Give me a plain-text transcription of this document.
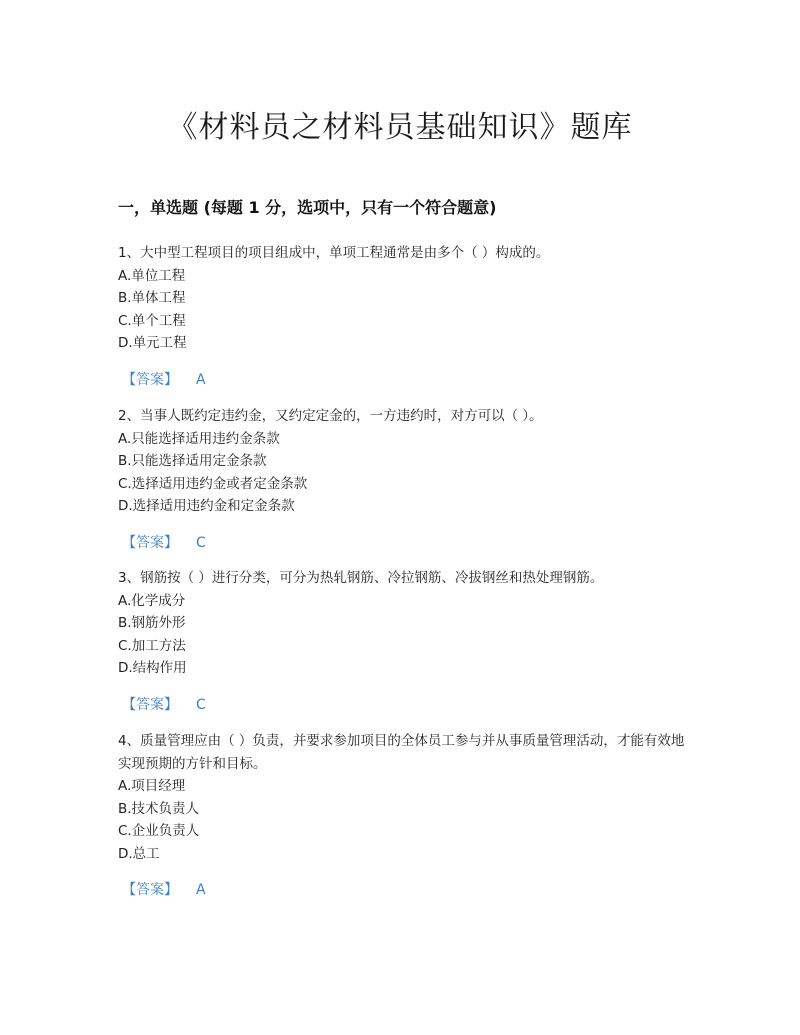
《材料员之材料员基础知识》题库
一，单选题 (每题 1 分，选项中，只有一个符合题意)
1、大中型工程项目的项目组成中，单项工程通常是由多个（ ）构成的。
A.单位工程
B.单体工程
C.单个工程
D.单元工程
【答案】 A
2、当事人既约定违约金，又约定定金的，一方违约时，对方可以（ ）。
A.只能选择适用违约金条款
B.只能选择适用定金条款
C.选择适用违约金或者定金条款
D.选择适用违约金和定金条款
【答案】 C
3、钢筋按（ ）进行分类，可分为热轧钢筋、冷拉钢筋、冷拔钢丝和热处理钢筋。
A.化学成分
B.钢筋外形
C.加工方法
D.结构作用
【答案】 C
4、质量管理应由（ ）负责，并要求参加项目的全体员工参与并从事质量管理活动，才能有效地实现预期的方针和目标。
A.项目经理
B.技术负责人
C.企业负责人
D.总工
【答案】 A
